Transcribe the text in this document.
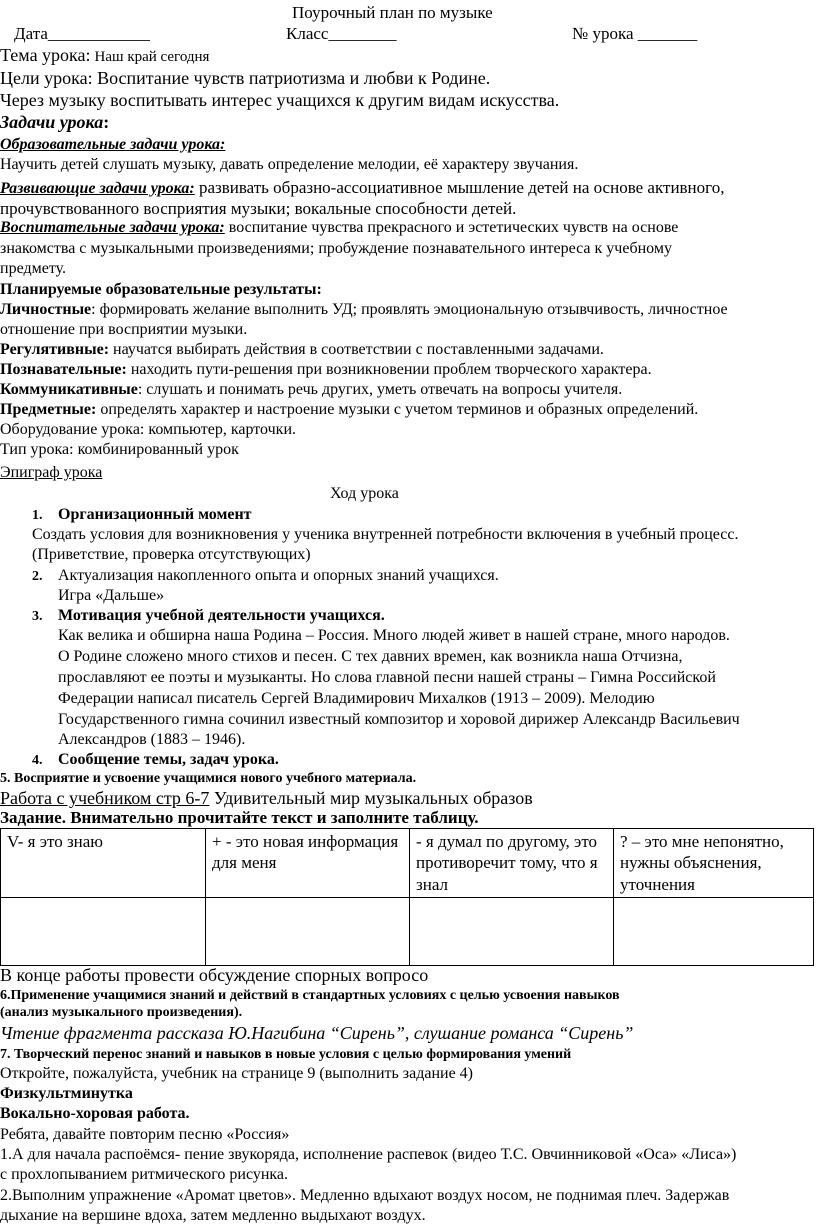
Поурочный план по музыке
Дата____________	Класс________	№ урока _______
Тема урока: Наш край сегодня
Цели урока: Воспитание чувств патриотизма и любви к Родине.
Через музыку воспитывать интерес учащихся к другим видам искусства.
Задачи урока:
Образовательные задачи урока:
Научить детей слушать музыку, давать определение мелодии, её характеру звучания.
Развивающие задачи урока: развивать образно-ассоциативное мышление детей на основе активного,
прочувствованного восприятия музыки; вокальные способности детей.
Воспитательные задачи урока: воспитание чувства прекрасного и эстетических чувств на основе
знакомства с музыкальными произведениями; пробуждение познавательного интереса к учебному
предмету.
Планируемые образовательные результаты:
Личностные: формировать желание выполнить УД; проявлять эмоциональную отзывчивость, личностное
отношение при восприятии музыки.
Регулятивные: научатся выбирать действия в соответствии с поставленными задачами.
Познавательные: находить пути-решения при возникновении проблем творческого характера.
Коммуникативные: слушать и понимать речь других, уметь отвечать на вопросы учителя.
Предметные: определять характер и настроение музыки с учетом терминов и образных определений.
Оборудование урока: компьютер, карточки.
Тип урока: комбинированный урок
Эпиграф урока
Ход урока
1. Организационный момент
Создать условия для возникновения у ученика внутренней потребности включения в учебный процесс.
(Приветствие, проверка отсутствующих)
2. Актуализация накопленного опыта и опорных знаний учащихся.
Игра «Дальше»
3. Мотивация учебной деятельности учащихся.
Как велика и обширна наша Родина – Россия. Много людей живет в нашей стране, много народов.
О Родине сложено много стихов и песен. С тех давних времен, как возникла наша Отчизна,
прославляют ее поэты и музыканты. Но слова главной песни нашей страны – Гимна Российской
Федерации написал писатель Сергей Владимирович Михалков (1913 – 2009). Мелодию
Государственного гимна сочинил известный композитор и хоровой дирижер Александр Васильевич
Александров (1883 – 1946).
4. Сообщение темы, задач урока.
5. Восприятие и усвоение учащимися нового учебного материала.
Работа с учебником стр 6-7 Удивительный мир музыкальных образов
Задание. Внимательно прочитайте текст и заполните таблицу.
V- я это знаю	+ - это новая информация для меня	- я думал по другому, это противоречит тому, что я знал	? – это мне непонятно, нужны объяснения, уточнения

В конце работы провести обсуждение спорных вопросо
6.Применение учащимися знаний и действий в стандартных условиях с целью усвоения навыков
(анализ музыкального произведения).
Чтение фрагмента рассказа Ю.Нагибина “Сирень”, слушание романса “Сирень”
7. Творческий перенос знаний и навыков в новые условия с целью формирования умений
Откройте, пожалуйста, учебник на странице 9 (выполнить задание 4)
Физкультминутка
Вокально-хоровая работа.
Ребята, давайте повторим песню «Россия»
1.А для начала распоёмся- пение звукоряда, исполнение распевок (видео Т.С. Овчинниковой «Оса» «Лиса»)
с прохлопыванием ритмического рисунка.
2.Выполним упражнение «Аромат цветов». Медленно вдыхают воздух носом, не поднимая плеч. Задержав
дыхание на вершине вдоха, затем медленно выдыхают воздух.
